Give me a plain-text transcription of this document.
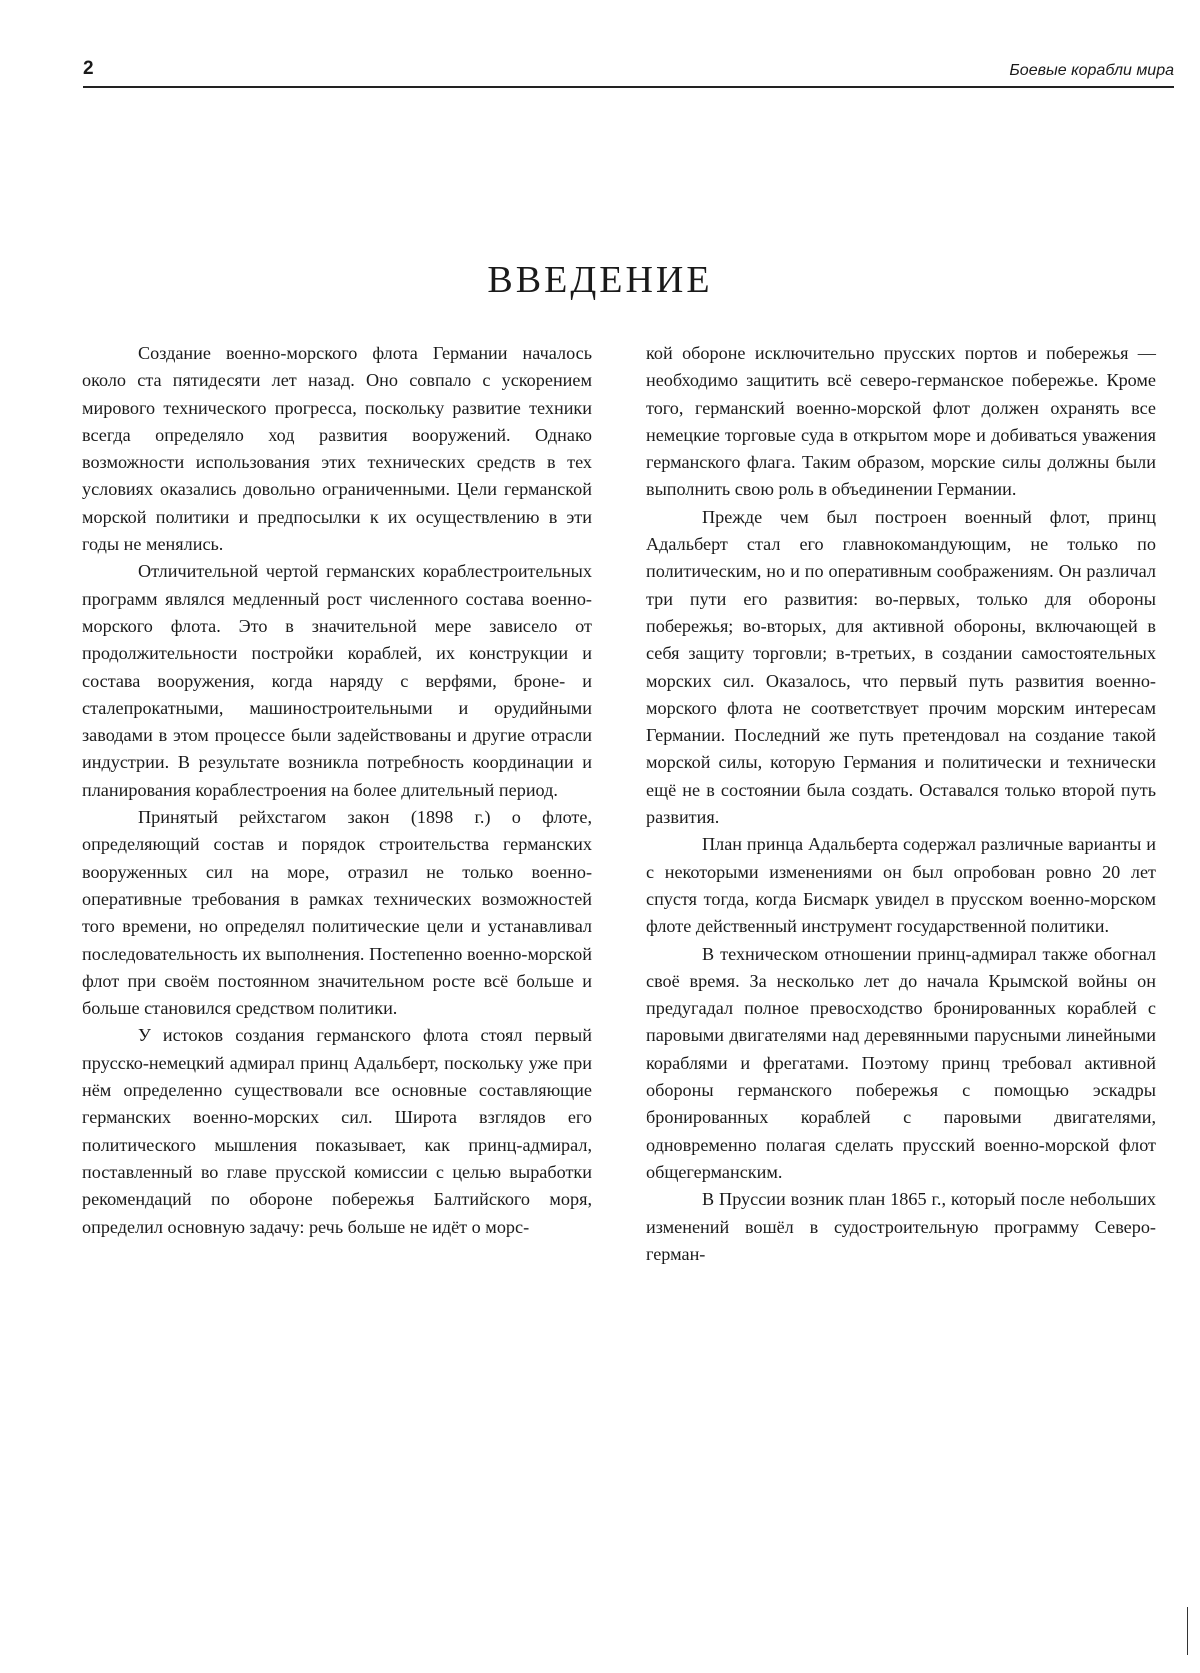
2	Боевые корабли мира
ВВЕДЕНИЕ

Создание военно-морского флота Германии началось около ста пятидесяти лет назад. Оно совпало с ускорением мирового технического прогресса, поскольку развитие техники всегда определяло ход развития вооружений. Однако возможности использования этих технических средств в тех условиях оказались довольно ограниченными. Цели германской морской политики и предпосылки к их осуществлению в эти годы не менялись.

Отличительной чертой германских кораблестроительных программ являлся медленный рост численного состава военно-морского флота. Это в значительной мере зависело от продолжительности постройки кораблей, их конструкции и состава вооружения, когда наряду с верфями, броне- и сталепрокатными, машиностроительными и орудийными заводами в этом процессе были задействованы и другие отрасли индустрии. В результате возникла потребность координации и планирования кораблестроения на более длительный период.

Принятый рейхстагом закон (1898 г.) о флоте, определяющий состав и порядок строительства германских вооруженных сил на море, отразил не только военно-оперативные требования в рамках технических возможностей того времени, но определял политические цели и устанавливал последовательность их выполнения. Постепенно военно-морской флот при своём постоянном значительном росте всё больше и больше становился средством политики.

У истоков создания германского флота стоял первый прусско-немецкий адмирал принц Адальберт, поскольку уже при нём определенно существовали все основные составляющие германских военно-морских сил. Широта взглядов его политического мышления показывает, как принц-адмирал, поставленный во главе прусской комиссии с целью выработки рекомендаций по обороне побережья Балтийского моря, определил основную задачу: речь больше не идёт о морс-

кой обороне исключительно прусских портов и побережья — необходимо защитить всё северо-германское побережье. Кроме того, германский военно-морской флот должен охранять все немецкие торговые суда в открытом море и добиваться уважения германского флага. Таким образом, морские силы должны были выполнить свою роль в объединении Германии.

Прежде чем был построен военный флот, принц Адальберт стал его главнокомандующим, не только по политическим, но и по оперативным соображениям. Он различал три пути его развития: во-первых, только для обороны побережья; во-вторых, для активной обороны, включающей в себя защиту торговли; в-третьих, в создании самостоятельных морских сил. Оказалось, что первый путь развития военно-морского флота не соответствует прочим морским интересам Германии. Последний же путь претендовал на создание такой морской силы, которую Германия и политически и технически ещё не в состоянии была создать. Оставался только второй путь развития.

План принца Адальберта содержал различные варианты и с некоторыми изменениями он был опробован ровно 20 лет спустя тогда, когда Бисмарк увидел в прусском военно-морском флоте действенный инструмент государственной политики.

В техническом отношении принц-адмирал также обогнал своё время. За несколько лет до начала Крымской войны он предугадал полное превосходство бронированных кораблей с паровыми двигателями над деревянными парусными линейными кораблями и фрегатами. Поэтому принц требовал активной обороны германского побережья с помощью эскадры бронированных кораблей с паровыми двигателями, одновременно полагая сделать прусский военно-морской флот общегерманским.

В Пруссии возник план 1865 г., который после небольших изменений вошёл в судостроительную программу Северо-герман-
